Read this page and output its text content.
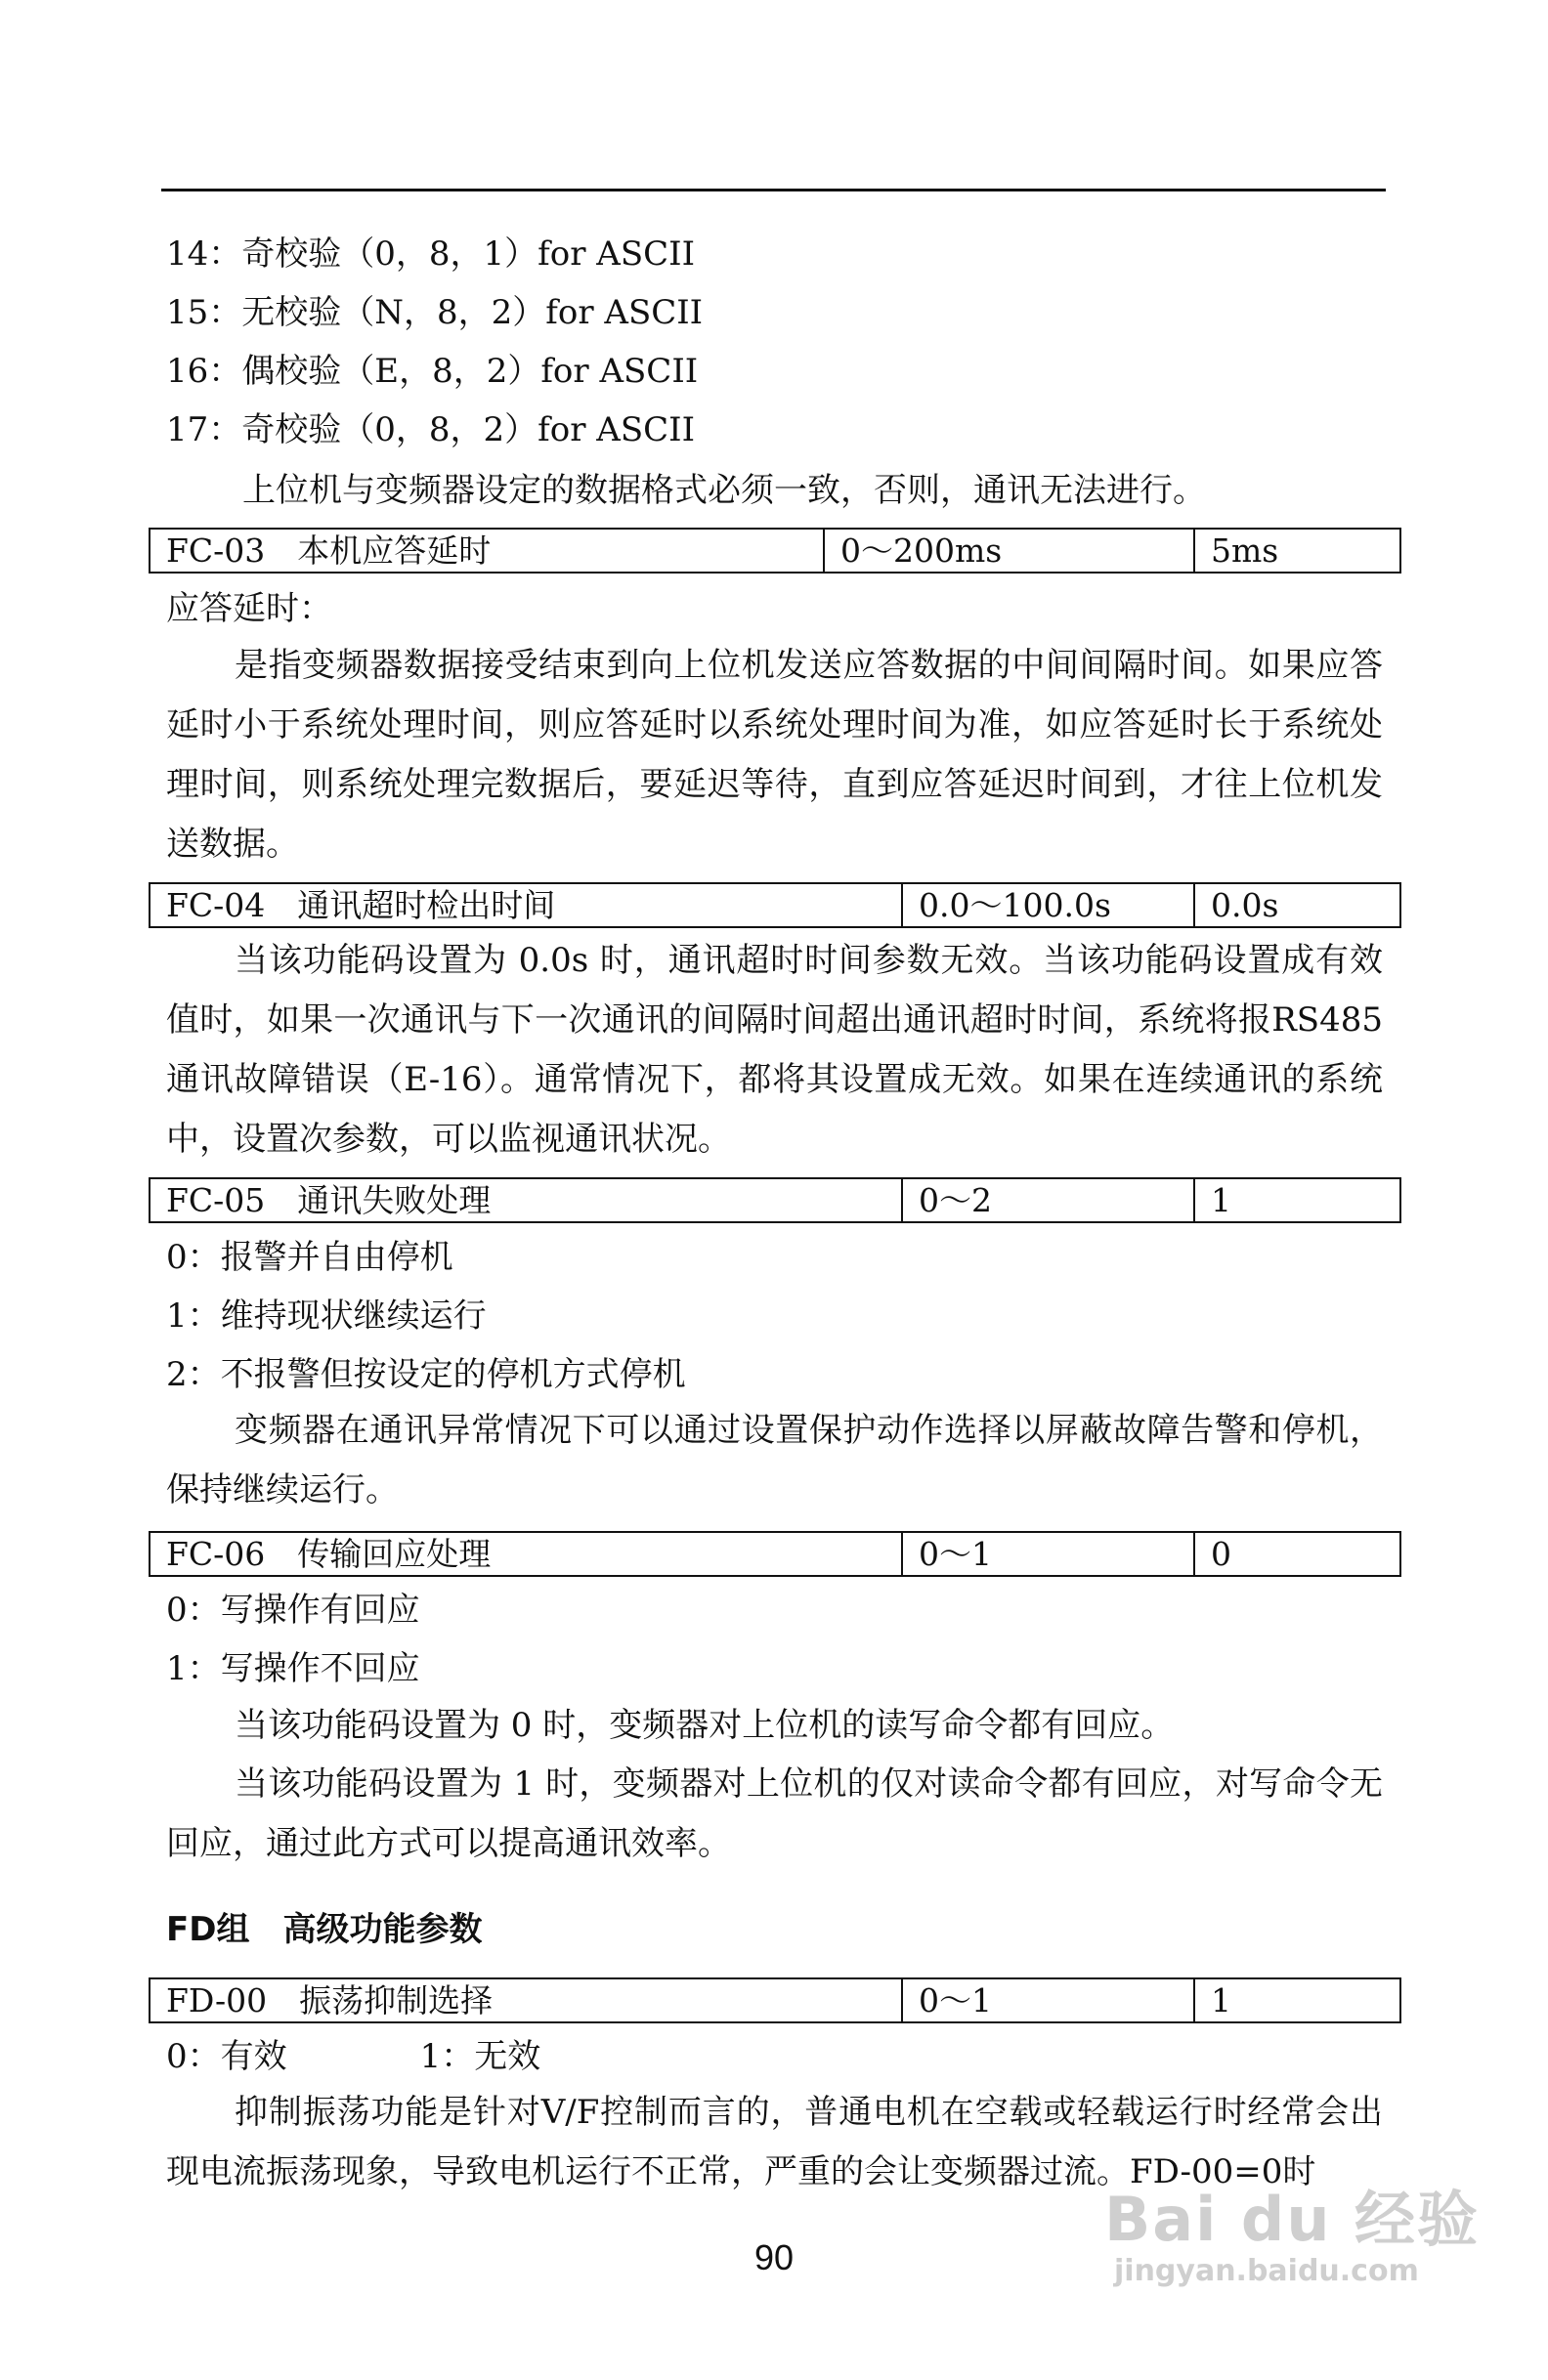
14：奇校验（0，8，1）for ASCII
15：无校验（N，8，2）for ASCII
16：偶校验（E，8，2）for ASCII
17：奇校验（0，8，2）for ASCII
上位机与变频器设定的数据格式必须一致，否则，通讯无法进行。
FC-03　本机应答延时	0～200ms	5ms
应答延时：
是指变频器数据接受结束到向上位机发送应答数据的中间间隔时间。如果应答延时小于系统处理时间，则应答延时以系统处理时间为准，如应答延时长于系统处理时间，则系统处理完数据后，要延迟等待，直到应答延迟时间到，才往上位机发送数据。
FC-04　通讯超时检出时间	0.0～100.0s	0.0s
当该功能码设置为 0.0s 时，通讯超时时间参数无效。当该功能码设置成有效值时，如果一次通讯与下一次通讯的间隔时间超出通讯超时时间，系统将报RS485通讯故障错误（E-16）。通常情况下，都将其设置成无效。如果在连续通讯的系统中，设置次参数，可以监视通讯状况。
FC-05　通讯失败处理	0～2	1
0：报警并自由停机
1：维持现状继续运行
2：不报警但按设定的停机方式停机
变频器在通讯异常情况下可以通过设置保护动作选择以屏蔽故障告警和停机，保持继续运行。
FC-06　传输回应处理	0～1	0
0：写操作有回应
1：写操作不回应
当该功能码设置为 0 时，变频器对上位机的读写命令都有回应。
当该功能码设置为 1 时，变频器对上位机的仅对读命令都有回应，对写命令无回应，通过此方式可以提高通讯效率。
FD组　高级功能参数
FD-00　振荡抑制选择	0～1	1
0：有效　　　　1：无效
抑制振荡功能是针对V/F控制而言的，普通电机在空载或轻载运行时经常会出现电流振荡现象，导致电机运行不正常，严重的会让变频器过流。FD-00=0时
90
Bai du 经验
jingyan.baidu.com
